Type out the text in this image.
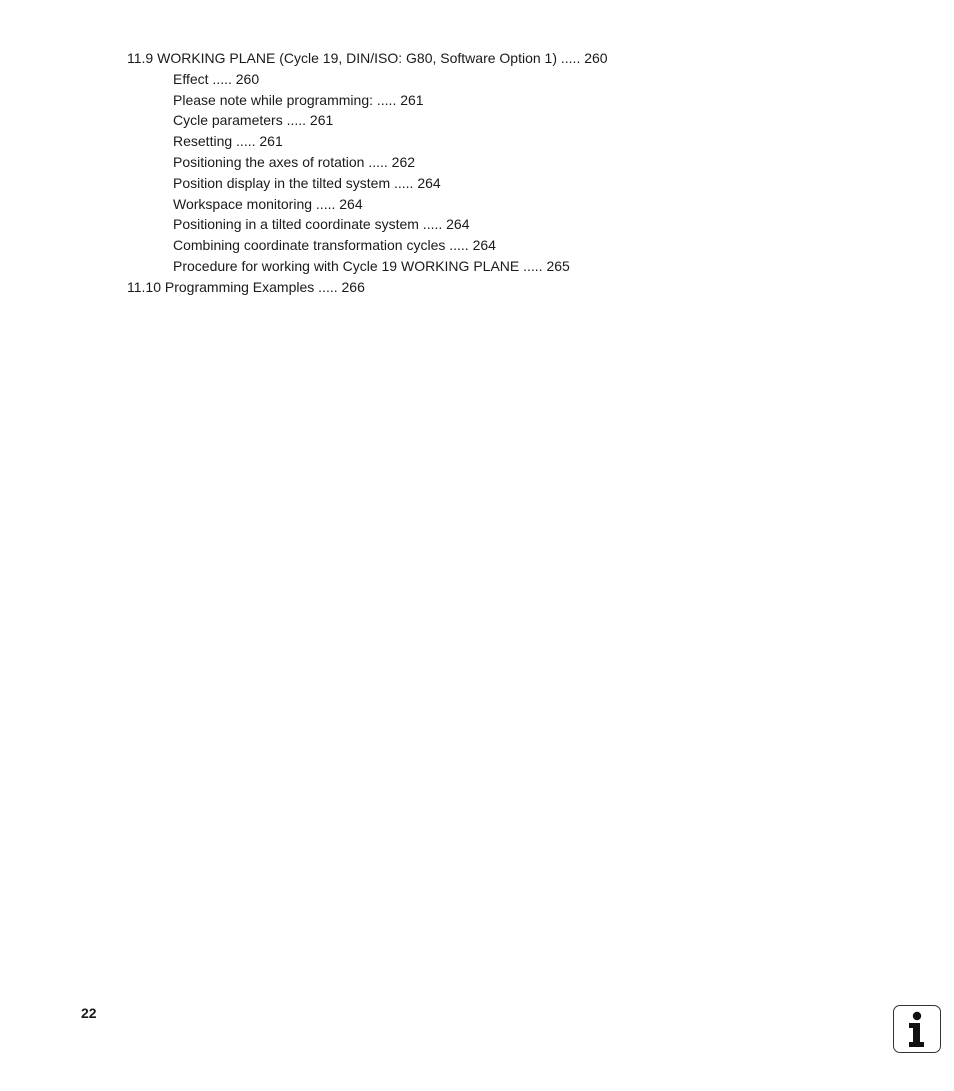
11.9 WORKING PLANE (Cycle 19, DIN/ISO: G80, Software Option 1) ..... 260
Effect ..... 260
Please note while programming: ..... 261
Cycle parameters ..... 261
Resetting ..... 261
Positioning the axes of rotation ..... 262
Position display in the tilted system ..... 264
Workspace monitoring ..... 264
Positioning in a tilted coordinate system ..... 264
Combining coordinate transformation cycles ..... 264
Procedure for working with Cycle 19 WORKING PLANE ..... 265
11.10 Programming Examples ..... 266
22
